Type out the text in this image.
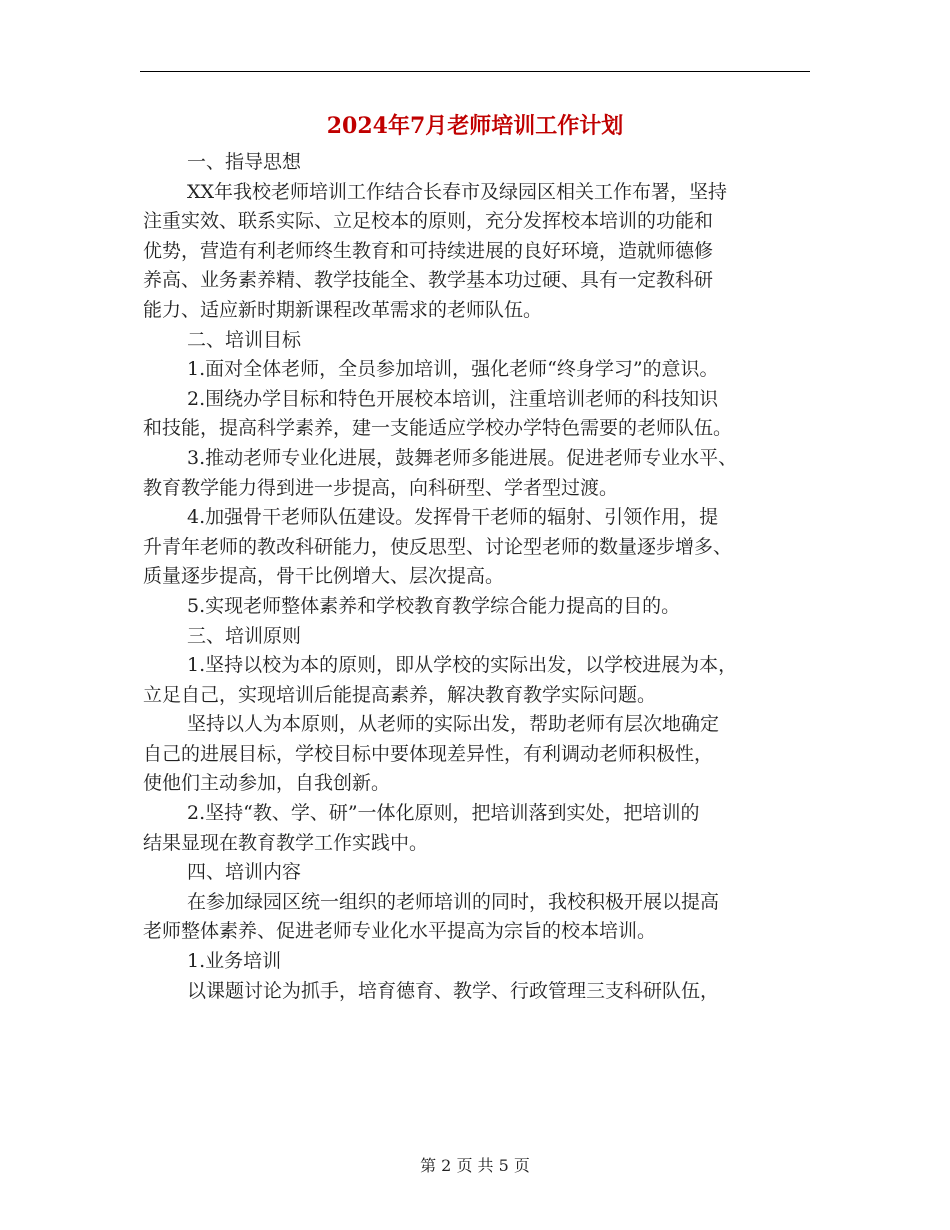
2024年7月老师培训工作计划

一、指导思想

XX年我校老师培训工作结合长春市及绿园区相关工作布署，坚持

注重实效、联系实际、立足校本的原则，充分发挥校本培训的功能和

优势，营造有利老师终生教育和可持续进展的良好环境，造就师德修

养高、业务素养精、教学技能全、教学基本功过硬、具有一定教科研

能力、适应新时期新课程改革需求的老师队伍。

二、培训目标

1.面对全体老师，全员参加培训，强化老师“终身学习”的意识。

2.围绕办学目标和特色开展校本培训，注重培训老师的科技知识

和技能，提高科学素养，建一支能适应学校办学特色需要的老师队伍。

3.推动老师专业化进展，鼓舞老师多能进展。促进老师专业水平、

教育教学能力得到进一步提高，向科研型、学者型过渡。

4.加强骨干老师队伍建设。发挥骨干老师的辐射、引领作用，提

升青年老师的教改科研能力，使反思型、讨论型老师的数量逐步增多、

质量逐步提高，骨干比例增大、层次提高。

5.实现老师整体素养和学校教育教学综合能力提高的目的。

三、培训原则

1.坚持以校为本的原则，即从学校的实际出发，以学校进展为本，

立足自己，实现培训后能提高素养，解决教育教学实际问题。

坚持以人为本原则，从老师的实际出发，帮助老师有层次地确定

自己的进展目标，学校目标中要体现差异性，有利调动老师积极性，

使他们主动参加，自我创新。

2.坚持“教、学、研”一体化原则，把培训落到实处，把培训的

结果显现在教育教学工作实践中。

四、培训内容

在参加绿园区统一组织的老师培训的同时，我校积极开展以提高

老师整体素养、促进老师专业化水平提高为宗旨的校本培训。

1.业务培训

以课题讨论为抓手，培育德育、教学、行政管理三支科研队伍，

第 2 页 共 5 页
